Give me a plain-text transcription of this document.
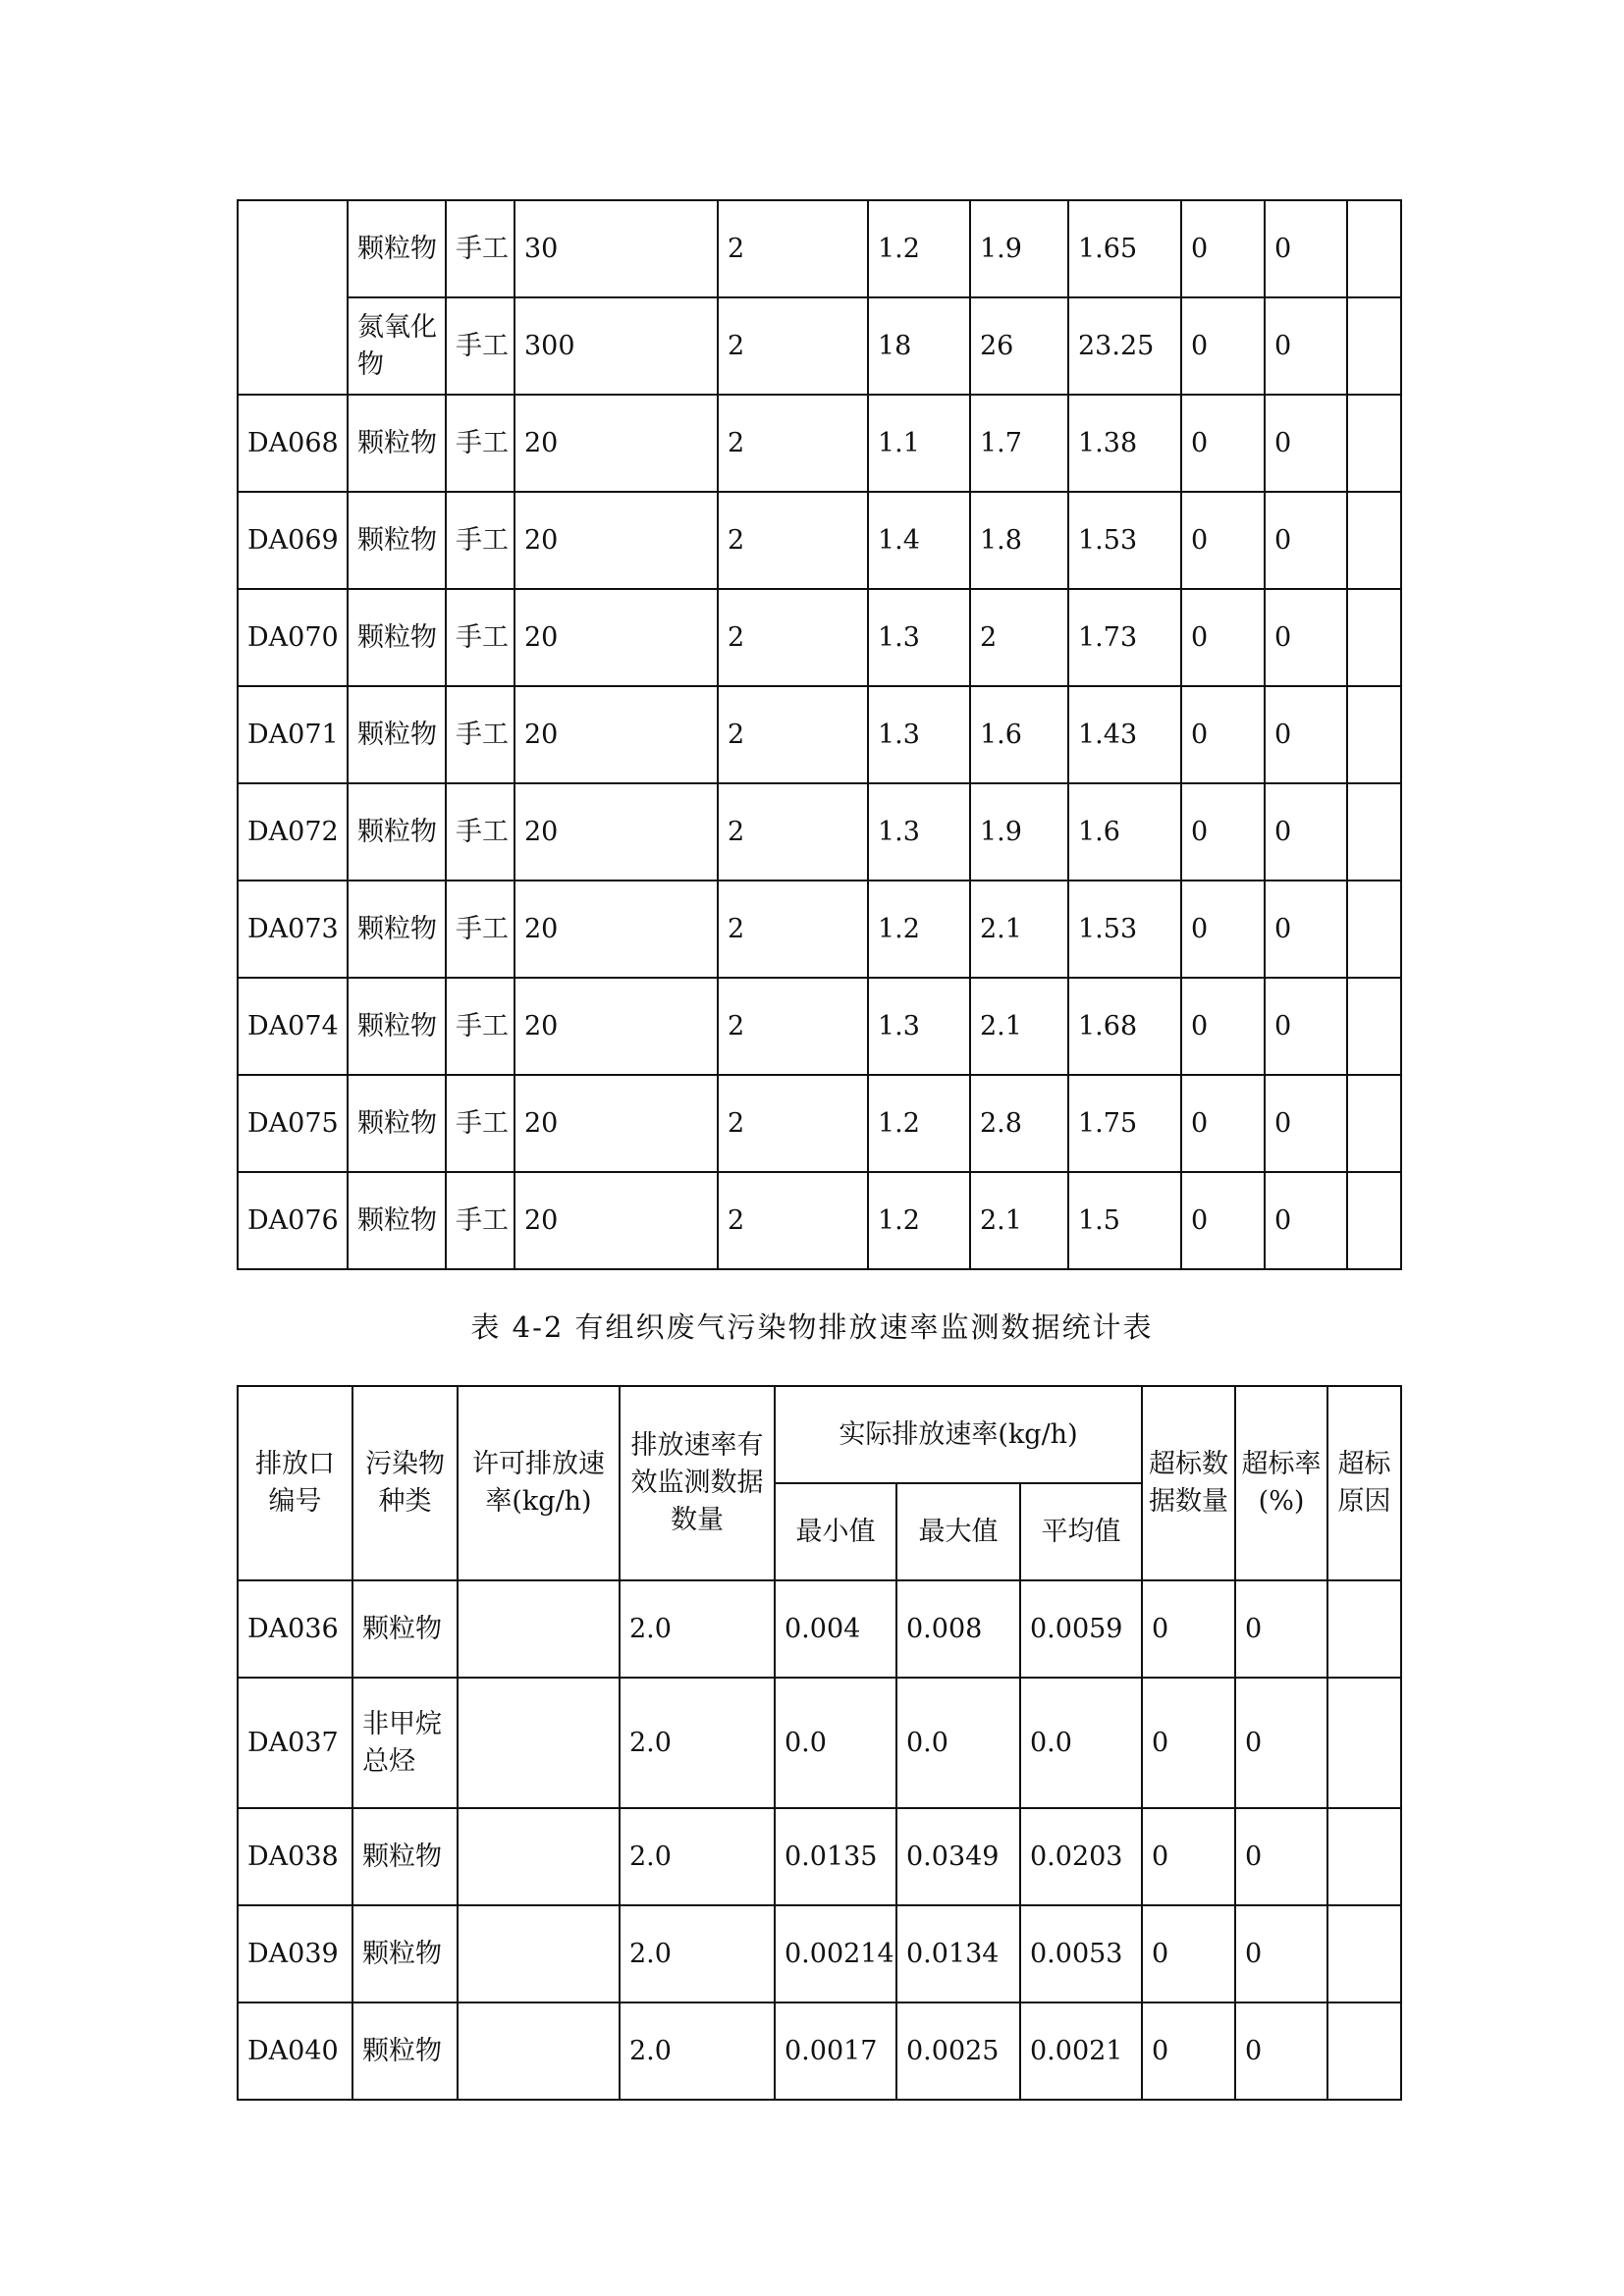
	颗粒物	手工	30	2	1.2	1.9	1.65	0	0	
	氮氧化物	手工	300	2	18	26	23.25	0	0	
DA068	颗粒物	手工	20	2	1.1	1.7	1.38	0	0	
DA069	颗粒物	手工	20	2	1.4	1.8	1.53	0	0	
DA070	颗粒物	手工	20	2	1.3	2	1.73	0	0	
DA071	颗粒物	手工	20	2	1.3	1.6	1.43	0	0	
DA072	颗粒物	手工	20	2	1.3	1.9	1.6	0	0	
DA073	颗粒物	手工	20	2	1.2	2.1	1.53	0	0	
DA074	颗粒物	手工	20	2	1.3	2.1	1.68	0	0	
DA075	颗粒物	手工	20	2	1.2	2.8	1.75	0	0	
DA076	颗粒物	手工	20	2	1.2	2.1	1.5	0	0	
表 4-2 有组织废气污染物排放速率监测数据统计表
排放口编号	污染物种类	许可排放速率(kg/h)	排放速率有效监测数据数量	实际排放速率(kg/h)			超标数据数量	超标率(%)	超标原因
				最小值	最大值	平均值			
DA036	颗粒物		2.0	0.004	0.008	0.0059	0	0	
DA037	非甲烷总烃		2.0	0.0	0.0	0.0	0	0	
DA038	颗粒物		2.0	0.0135	0.0349	0.0203	0	0	
DA039	颗粒物		2.0	0.00214	0.0134	0.0053	0	0	
DA040	颗粒物		2.0	0.0017	0.0025	0.0021	0	0	
